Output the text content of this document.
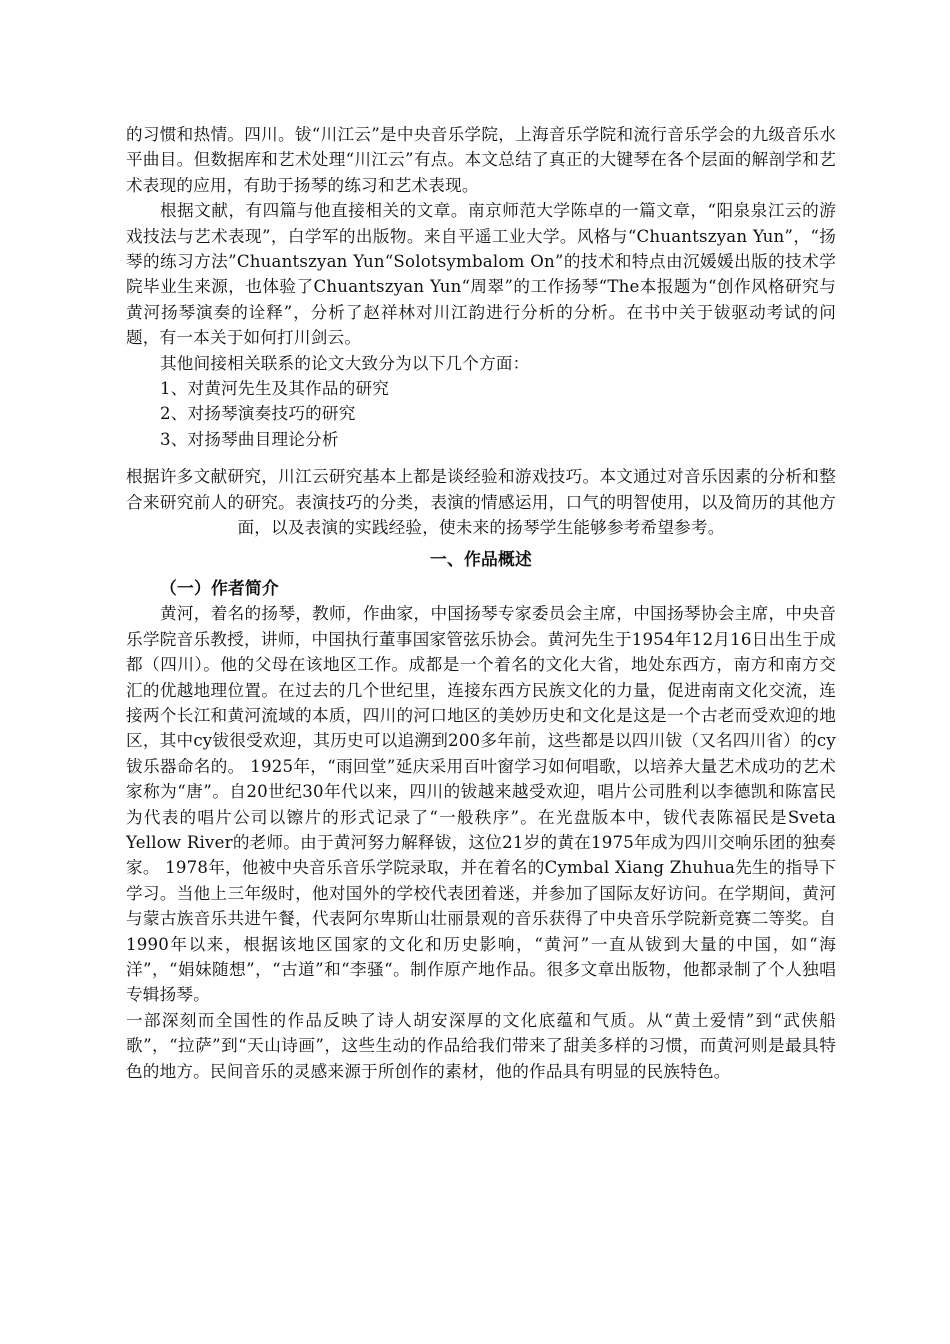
的习惯和热情。四川。钹“川江云”是中央音乐学院，上海音乐学院和流行音乐学会的九级音乐水平曲目。但数据库和艺术处理“川江云”有点。本文总结了真正的大键琴在各个层面的解剖学和艺术表现的应用，有助于扬琴的练习和艺术表现。

根据文献，有四篇与他直接相关的文章。南京师范大学陈卓的一篇文章，“阳泉泉江云的游戏技法与艺术表现”，白学军的出版物。来自平遥工业大学。风格与“Chuantszyan Yun”，“扬琴的练习方法”Chuantszyan Yun“Solotsymbalom On”的技术和特点由沉媛媛出版的技术学院毕业生来源，也体验了Chuantszyan Yun“周翠”的工作扬琴“The本报题为“创作风格研究与黄河扬琴演奏的诠释”，分析了赵祥林对川江韵进行分析的分析。在书中关于钹驱动考试的问题，有一本关于如何打川剑云。

其他间接相关联系的论文大致分为以下几个方面：

1、对黄河先生及其作品的研究

2、对扬琴演奏技巧的研究

3、对扬琴曲目理论分析

根据许多文献研究，川江云研究基本上都是谈经验和游戏技巧。本文通过对音乐因素的分析和整合来研究前人的研究。表演技巧的分类，表演的情感运用，口气的明智使用，以及简历的其他方面，以及表演的实践经验，使未来的扬琴学生能够参考希望参考。

一、作品概述
（一）作者简介

黄河，着名的扬琴，教师，作曲家，中国扬琴专家委员会主席，中国扬琴协会主席，中央音乐学院音乐教授，讲师，中国执行董事国家管弦乐协会。黄河先生于1954年12月16日出生于成都（四川）。他的父母在该地区工作。成都是一个着名的文化大省，地处东西方，南方和南方交汇的优越地理位置。在过去的几个世纪里，连接东西方民族文化的力量，促进南南文化交流，连接两个长江和黄河流域的本质，四川的河口地区的美妙历史和文化是这是一个古老而受欢迎的地区，其中cy钹很受欢迎，其历史可以追溯到200多年前，这些都是以四川钹（又名四川省）的cy钹乐器命名的。 1925年，“雨回堂”延庆采用百叶窗学习如何唱歌，以培养大量艺术成功的艺术家称为“唐”。自20世纪30年代以来，四川的钹越来越受欢迎，唱片公司胜利以李德凯和陈富民为代表的唱片公司以镲片的形式记录了“一般秩序”。在光盘版本中，钹代表陈福民是Sveta Yellow River的老师。由于黄河努力解释钹，这位21岁的黄在1975年成为四川交响乐团的独奏家。 1978年，他被中央音乐音乐学院录取，并在着名的Cymbal Xiang Zhuhua先生的指导下学习。当他上三年级时，他对国外的学校代表团着迷，并参加了国际友好访问。在学期间，黄河与蒙古族音乐共进午餐，代表阿尔卑斯山壮丽景观的音乐获得了中央音乐学院新竞赛二等奖。自1990年以来，根据该地区国家的文化和历史影响，“黄河”一直从钹到大量的中国，如“海洋”，“娟妹随想”，“古道”和“李骚“。制作原产地作品。很多文章出版物，他都录制了个人独唱专辑扬琴。

一部深刻而全国性的作品反映了诗人胡安深厚的文化底蕴和气质。从“黄土爱情”到“武侠船歌”，“拉萨”到“天山诗画”，这些生动的作品给我们带来了甜美多样的习惯，而黄河则是最具特色的地方。民间音乐的灵感来源于所创作的素材，他的作品具有明显的民族特色。
